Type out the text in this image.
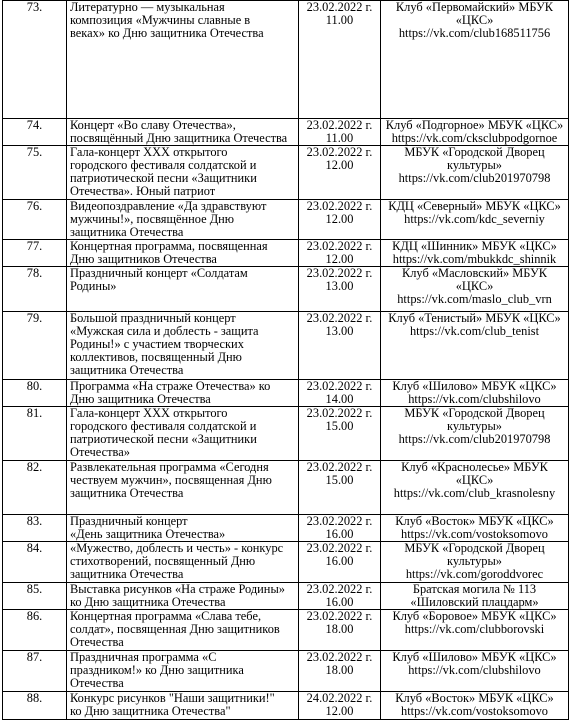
73.	Литературно — музыкальная
композиция «Мужчины славные в
веках» ко Дню защитника Отечества	23.02.2022 г.
11.00	Клуб «Первомайский» МБУК
«ЦКС»
https://vk.com/club168511756

74.	Концерт «Во славу Отечества»,
посвящённый Дню защитника Отечества	23.02.2022 г.
11.00	Клуб «Подгорное» МБУК «ЦКС»
https://vk.com/cksclubpodgornoe

75.	Гала-концерт XXX открытого
городского фестиваля солдатской и
патриотической песни «Защитники
Отечества». Юный патриот	23.02.2022 г.
12.00	МБУК «Городской Дворец
культуры»
https://vk.com/club201970798

76.	Видеопоздравление «Да здравствуют
мужчины!», посвящённое Дню
защитника Отечества	23.02.2022 г.
12.00	КДЦ «Северный» МБУК «ЦКС»
https://vk.com/kdc_severniy

77.	Концертная программа, посвященная
Дню защитников Отечества	23.02.2022 г.
12.00	КДЦ «Шинник» МБУК «ЦКС»
https://vk.com/mbukkdc_shinnik

78.	Праздничный концерт «Солдатам
Родины»	23.02.2022 г.
13.00	Клуб «Масловский» МБУК
«ЦКС»
https://vk.com/maslo_club_vrn

79.	Большой праздничный концерт
«Мужская сила и доблесть - защита
Родины!» с участием творческих
коллективов, посвященный Дню
защитника Отечества	23.02.2022 г.
13.00	Клуб «Тенистый» МБУК «ЦКС»
https://vk.com/club_tenist

80.	Программа «На страже Отечества» ко
Дню защитника Отечества	23.02.2022 г.
14.00	Клуб «Шилово» МБУК «ЦКС»
https://vk.com/clubshilovo

81.	Гала-концерт XXX открытого
городского фестиваля солдатской и
патриотической песни «Защитники
Отечества»	23.02.2022 г.
15.00	МБУК «Городской Дворец
культуры»
https://vk.com/club201970798

82.	Развлекательная программа «Сегодня
чествуем мужчин», посвященная Дню
защитника Отечества	23.02.2022 г.
15.00	Клуб «Краснолесье» МБУК
«ЦКС»
https://vk.com/club_krasnolesny

83.	Праздничный концерт
«День защитника Отечества»	23.02.2022 г.
16.00	Клуб «Восток» МБУК «ЦКС»
https://vk.com/vostoksomovo

84.	«Мужество, доблесть и честь» - конкурс
стихотворений, посвященный Дню
защитника Отечества	23.02.2022 г.
16.00	МБУК «Городской Дворец
культуры»
https://vk.com/goroddvorec

85.	Выставка рисунков «На страже Родины»
ко Дню защитника Отечества	23.02.2022 г.
16.00	Братская могила № 113
«Шиловский плацдарм»

86.	Концертная программа «Слава тебе,
солдат», посвященная Дню защитников
Отечества	23.02.2022 г.
18.00	Клуб «Боровое» МБУК «ЦКС»
https://vk.com/clubborovski

87.	Праздничная программа «С
праздником!» ко Дню защитника
Отечества	23.02.2022 г.
18.00	Клуб «Шилово» МБУК «ЦКС»
https://vk.com/clubshilovo

88.	Конкурс рисунков "Наши защитники!"
ко Дню защитника Отечества"	24.02.2022 г.
12.00	Клуб «Восток» МБУК «ЦКС»
https://vk.com/vostoksomovo
